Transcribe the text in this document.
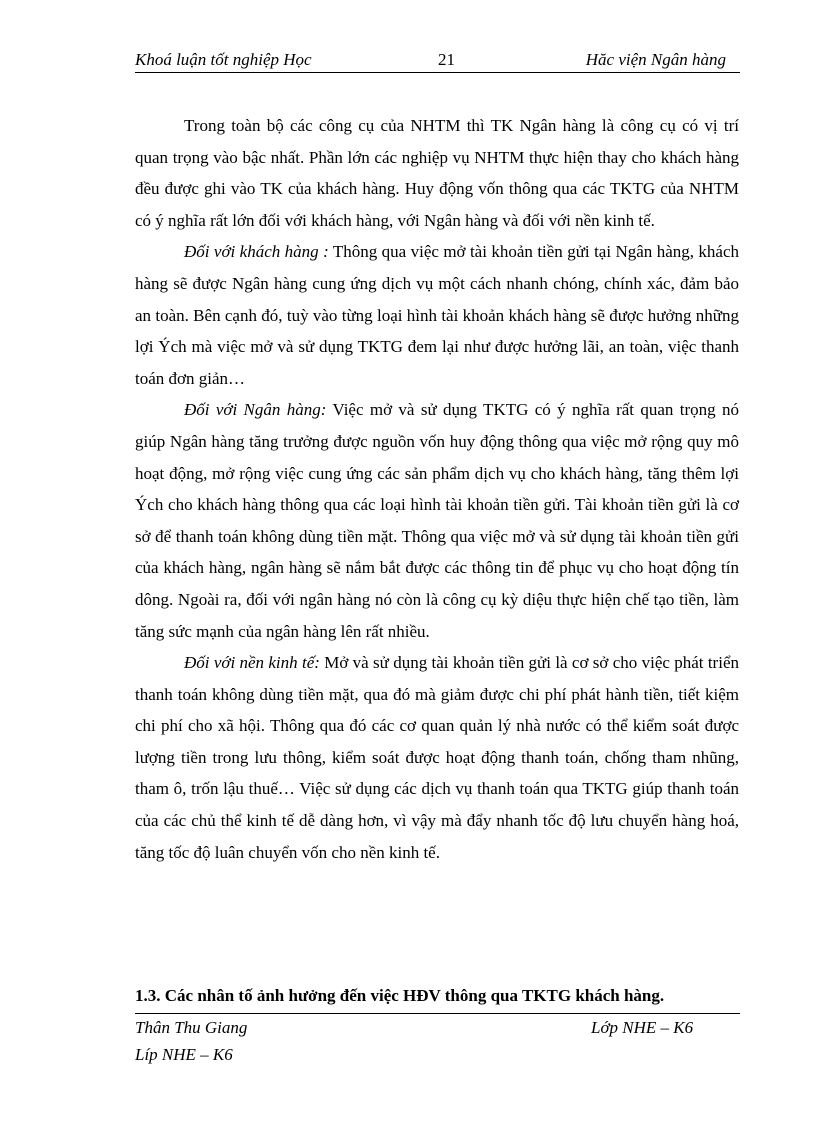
Khoá luận tốt nghiệp Học	21	Hăc viện Ngân hàng

Trong toàn bộ các công cụ của NHTM thì TK Ngân hàng là công cụ có vị trí quan trọng vào bậc nhất. Phần lớn các nghiệp vụ NHTM thực hiện thay cho khách hàng đều được ghi vào TK của khách hàng. Huy động vốn thông qua các TKTG của NHTM có ý nghĩa rất lớn đối với khách hàng, với Ngân hàng và đối với nền kinh tế.

Đối với khách hàng : Thông qua việc mở tài khoản tiền gửi tại Ngân hàng, khách hàng sẽ được Ngân hàng cung ứng dịch vụ một cách nhanh chóng, chính xác, đảm bảo an toàn. Bên cạnh đó, tuỳ vào từng loại hình tài khoản khách hàng sẽ được hưởng những lợi Ých mà việc mở và sử dụng TKTG đem lại như được hưởng lãi, an toàn, việc thanh toán đơn giản…

Đối với Ngân hàng: Việc mở và sử dụng TKTG có ý nghĩa rất quan trọng nó giúp Ngân hàng tăng trưởng được nguồn vốn huy động thông qua việc mở rộng quy mô hoạt động, mở rộng việc cung ứng các sản phẩm dịch vụ cho khách hàng, tăng thêm lợi Ých cho khách hàng thông qua các loại hình tài khoản tiền gửi. Tài khoản tiền gửi là cơ sở để thanh toán không dùng tiền mặt. Thông qua việc mở và sử dụng tài khoản tiền gửi của khách hàng, ngân hàng sẽ nắm bắt được các thông tin để phục vụ cho hoạt động tín dông. Ngoài ra, đối với ngân hàng nó còn là công cụ kỳ diệu thực hiện chế tạo tiền, làm tăng sức mạnh của ngân hàng lên rất nhiều.

Đối với nền kinh tế: Mở và sử dụng tài khoản tiền gửi là cơ sở cho việc phát triển thanh toán không dùng tiền mặt, qua đó mà giảm được chi phí phát hành tiền, tiết kiệm chi phí cho xã hội. Thông qua đó các cơ quan quản lý nhà nước có thể kiểm soát được lượng tiền trong lưu thông, kiểm soát được hoạt động thanh toán, chống tham nhũng, tham ô, trốn lậu thuế… Việc sử dụng các dịch vụ thanh toán qua TKTG giúp thanh toán của các chủ thể kinh tế dễ dàng hơn, vì vậy mà đẩy nhanh tốc độ lưu chuyển hàng hoá, tăng tốc độ luân chuyển vốn cho nền kinh tế.

1.3. Các nhân tố ảnh hưởng đến việc HĐV thông qua TKTG khách hàng.
Thân Thu Giang	Lớp NHE – K6
Líp NHE – K6
